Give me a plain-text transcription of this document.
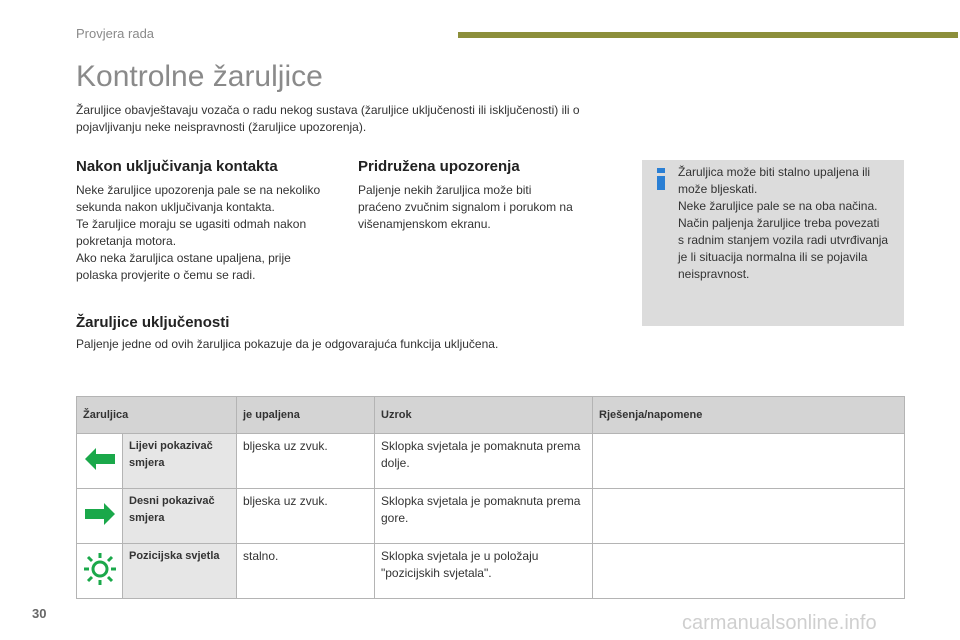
Provjera rada
Kontrolne žaruljice
Žaruljice obavještavaju vozača o radu nekog sustava (žaruljice uključenosti ili isključenosti) ili o pojavljivanju neke neispravnosti (žaruljice upozorenja).
Nakon uključivanja kontakta
Neke žaruljice upozorenja pale se na nekoliko
sekunda nakon uključivanja kontakta.
Te žaruljice moraju se ugasiti odmah nakon
pokretanja motora.
Ako neka žaruljica ostane upaljena, prije
polaska provjerite o čemu se radi.
Pridružena upozorenja
Paljenje nekih žaruljica može biti
praćeno zvučnim signalom i porukom na
višenamjenskom ekranu.
Žaruljica može biti stalno upaljena ili
može bljeskati.
Neke žaruljice pale se na oba načina.
Način paljenja žaruljice treba povezati
s radnim stanjem vozila radi utvrđivanja
je li situacija normalna ili se pojavila
neispravnost.
Žaruljice uključenosti
Paljenje jedne od ovih žaruljica pokazuje da je odgovarajuća funkcija uključena.
Žaruljica		je upaljena	Uzrok	Rješenja/napomene
	Lijevi pokazivač smjera	bljeska uz zvuk.	Sklopka svjetala je pomaknuta prema dolje.	
	Desni pokazivač smjera	bljeska uz zvuk.	Sklopka svjetala je pomaknuta prema gore.	
	Pozicijska svjetla	stalno.	Sklopka svjetala je u položaju "pozicijskih svjetala".	
30	carmanualsonline.info
